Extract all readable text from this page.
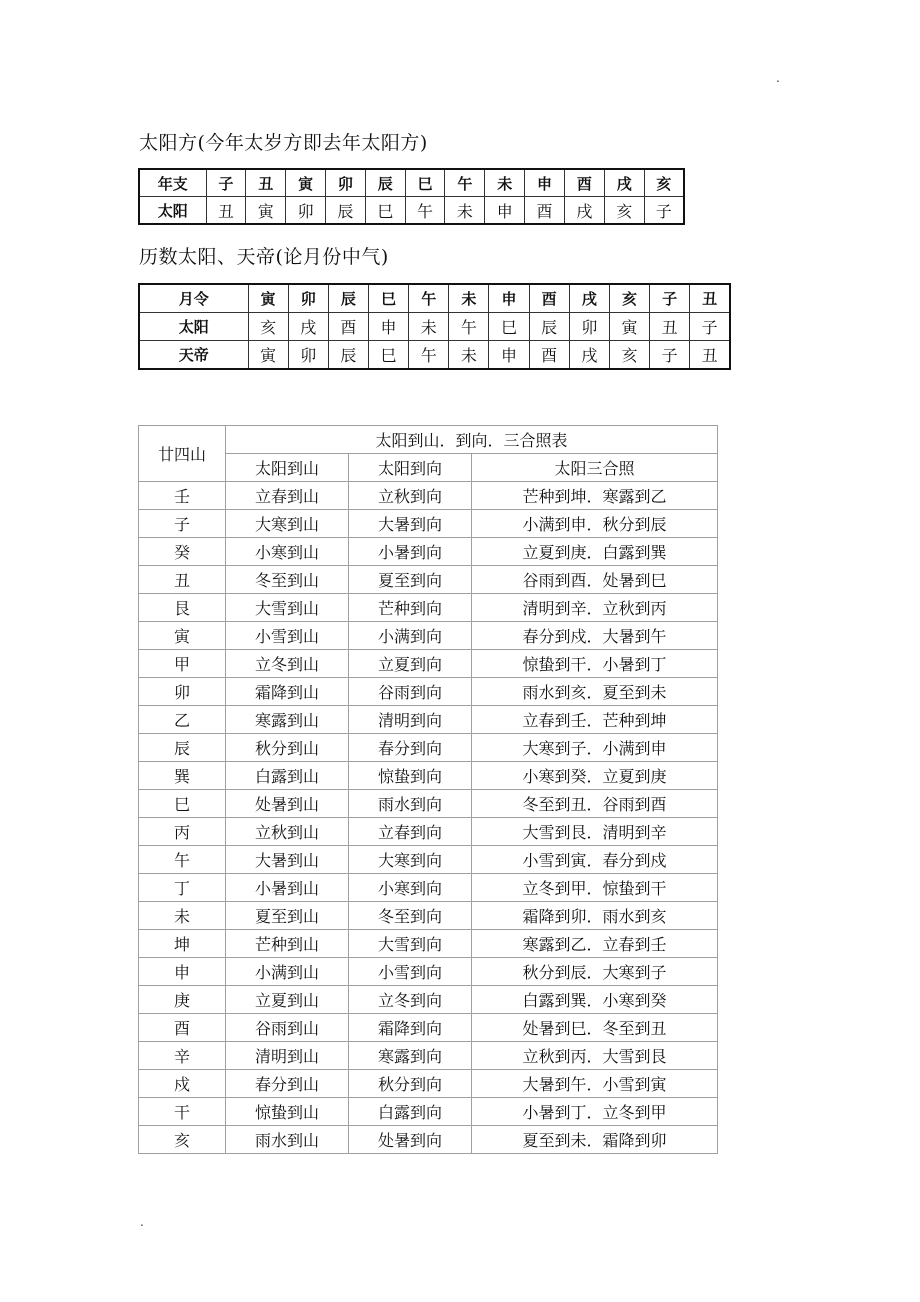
.
太阳方(今年太岁方即去年太阳方)
年支	子	丑	寅	卯	辰	巳	午	未	申	酉	戌	亥
太阳	丑	寅	卯	辰	巳	午	未	申	酉	戌	亥	子
历数太阳、天帝(论月份中气)
月令	寅	卯	辰	巳	午	未	申	酉	戌	亥	子	丑
太阳	亥	戌	酉	申	未	午	巳	辰	卯	寅	丑	子
天帝	寅	卯	辰	巳	午	未	申	酉	戌	亥	子	丑
廿四山	太阳到山．到向．三合照表		
	太阳到山	太阳到向	太阳三合照
壬	立春到山	立秋到向	芒种到坤．寒露到乙
子	大寒到山	大暑到向	小满到申．秋分到辰
癸	小寒到山	小暑到向	立夏到庚．白露到巽
丑	冬至到山	夏至到向	谷雨到酉．处暑到巳
艮	大雪到山	芒种到向	清明到辛．立秋到丙
寅	小雪到山	小满到向	春分到戍．大暑到午
甲	立冬到山	立夏到向	惊蛰到干．小暑到丁
卯	霜降到山	谷雨到向	雨水到亥．夏至到未
乙	寒露到山	清明到向	立春到壬．芒种到坤
辰	秋分到山	春分到向	大寒到子．小满到申
巽	白露到山	惊蛰到向	小寒到癸．立夏到庚
巳	处暑到山	雨水到向	冬至到丑．谷雨到酉
丙	立秋到山	立春到向	大雪到艮．清明到辛
午	大暑到山	大寒到向	小雪到寅．春分到戍
丁	小暑到山	小寒到向	立冬到甲．惊蛰到干
未	夏至到山	冬至到向	霜降到卯．雨水到亥
坤	芒种到山	大雪到向	寒露到乙．立春到壬
申	小满到山	小雪到向	秋分到辰．大寒到子
庚	立夏到山	立冬到向	白露到巽．小寒到癸
酉	谷雨到山	霜降到向	处暑到巳．冬至到丑
辛	清明到山	寒露到向	立秋到丙．大雪到艮
戍	春分到山	秋分到向	大暑到午．小雪到寅
干	惊蛰到山	白露到向	小暑到丁．立冬到甲
亥	雨水到山	处暑到向	夏至到未．霜降到卯
.
